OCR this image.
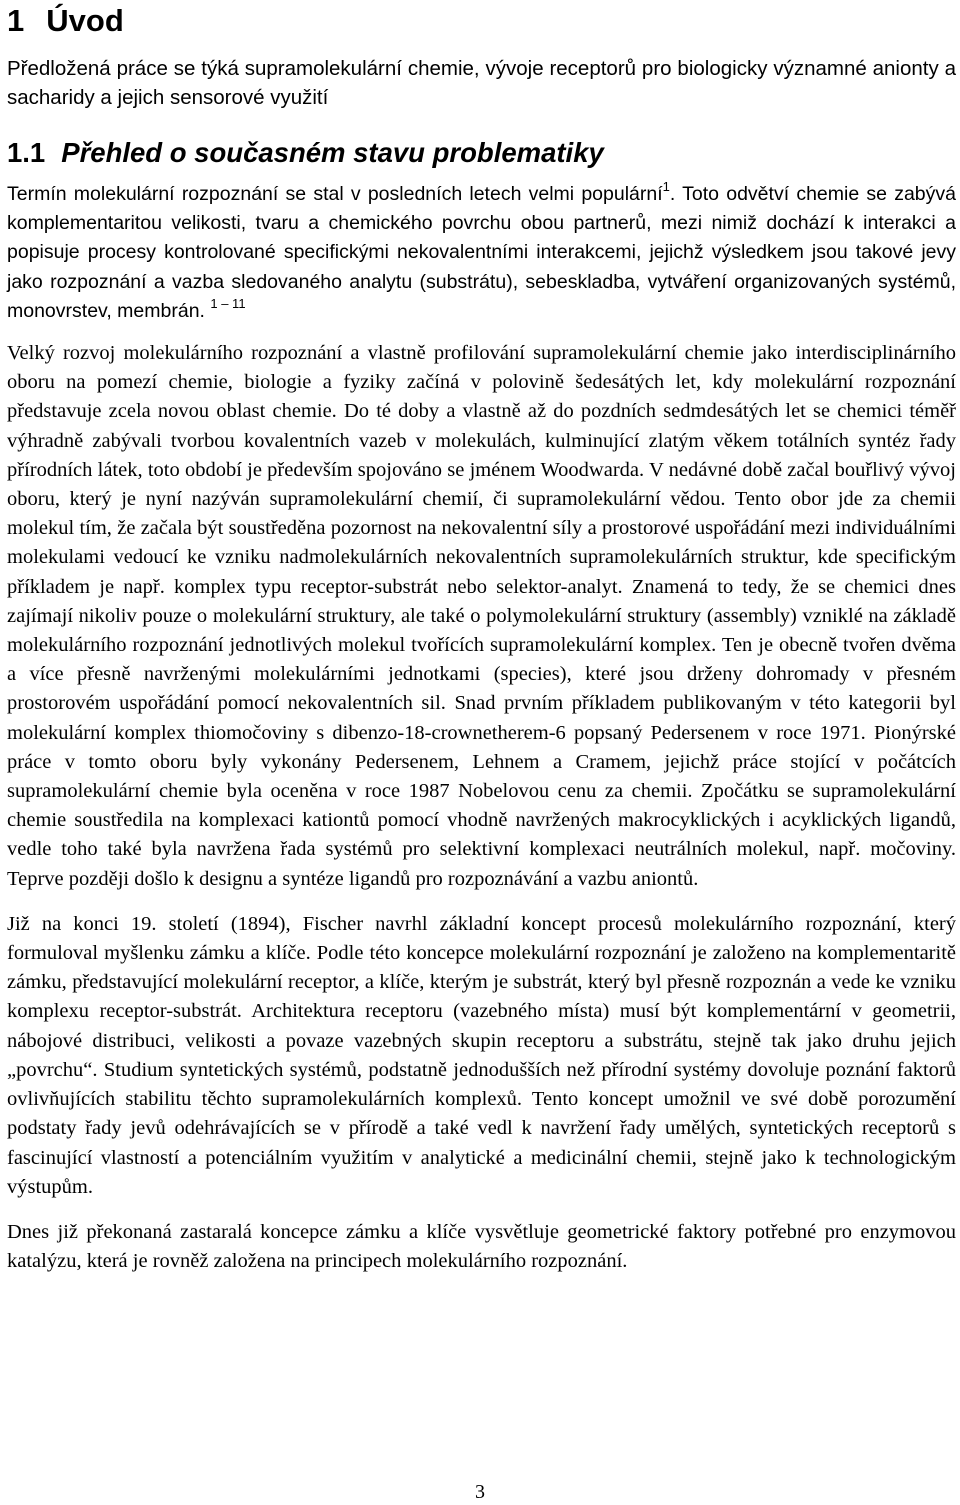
1 Úvod

Předložená práce se týká supramolekulární chemie, vývoje receptorů pro biologicky významné anionty a sacharidy a jejich sensorové využití

1.1 Přehled o současném stavu problematiky

Termín molekulární rozpoznání se stal v posledních letech velmi populární$^1$. Toto odvětví chemie se zabývá komplementaritou velikosti, tvaru a chemického povrchu obou partnerů, mezi nimiž dochází k interakci a popisuje procesy kontrolované specifickými nekovalentními interakcemi, jejichž výsledkem jsou takové jevy jako rozpoznání a vazba sledovaného analytu (substrátu), sebeskladba, vytváření organizovaných systémů, monovrstev, membrán. $^{1 - 11}$

Velký rozvoj molekulárního rozpoznání a vlastně profilování supramolekulární chemie jako interdisciplinárního oboru na pomezí chemie, biologie a fyziky začíná v polovině šedesátých let, kdy molekulární rozpoznání představuje zcela novou oblast chemie. Do té doby a vlastně až do pozdních sedmdesátých let se chemici téměř výhradně zabývali tvorbou kovalentních vazeb v molekulách, kulminující zlatým věkem totálních syntéz řady přírodních látek, toto období je především spojováno se jménem Woodwarda. V nedávné době začal bouřlivý vývoj oboru, který je nyní nazýván supramolekulární chemií, či supramolekulární vědou. Tento obor jde za chemii molekul tím, že začala být soustředěna pozornost na nekovalentní síly a prostorové uspořádání mezi individuálními molekulami vedoucí ke vzniku nadmolekulárních nekovalentních supramolekulárních struktur, kde specifickým příkladem je např. komplex typu receptor-substrát nebo selektor-analyt. Znamená to tedy, že se chemici dnes zajímají nikoliv pouze o molekulární struktury, ale také o polymolekulární struktury (assembly) vzniklé na základě molekulárního rozpoznání jednotlivých molekul tvořících supramolekulární komplex. Ten je obecně tvořen dvěma a více přesně navrženými molekulárními jednotkami (species), které jsou drženy dohromady v přesném prostorovém uspořádání pomocí nekovalentních sil. Snad prvním příkladem publikovaným v této kategorii byl molekulární komplex thiomočoviny s dibenzo-18-crownetherem-6 popsaný Pedersenem v roce 1971. Pionýrské práce v tomto oboru byly vykonány Pedersenem, Lehnem a Cramem, jejichž práce stojící v počátcích supramolekulární chemie byla oceněna v roce 1987 Nobelovou cenu za chemii. Zpočátku se supramolekulární chemie soustředila na komplexaci kationtů pomocí vhodně navržených makrocyklických i acyklických ligandů, vedle toho také byla navržena řada systémů pro selektivní komplexaci neutrálních molekul, např. močoviny. Teprve později došlo k designu a syntéze ligandů pro rozpoznávání a vazbu aniontů.

Již na konci 19. století (1894), Fischer navrhl základní koncept procesů molekulárního rozpoznání, který formuloval myšlenku zámku a klíče. Podle této koncepce molekulární rozpoznání je založeno na komplementaritě zámku, představující molekulární receptor, a klíče, kterým je substrát, který byl přesně rozpoznán a vede ke vzniku komplexu receptor-substrát. Architektura receptoru (vazebného místa) musí být komplementární v geometrii, nábojové distribuci, velikosti a povaze vazebných skupin receptoru a substrátu, stejně tak jako druhu jejich „povrchu“. Studium syntetických systémů, podstatně jednodušších než přírodní systémy dovoluje poznání faktorů ovlivňujících stabilitu těchto supramolekulárních komplexů. Tento koncept umožnil ve své době porozumění podstaty řady jevů odehrávajících se v přírodě a také vedl k navržení řady umělých, syntetických receptorů s fascinující vlastností a potenciálním využitím v analytické a medicinální chemii, stejně jako k technologickým výstupům.

Dnes již překonaná zastaralá koncepce zámku a klíče vysvětluje geometrické faktory potřebné pro enzymovou katalýzu, která je rovněž založena na principech molekulárního rozpoznání.

3
